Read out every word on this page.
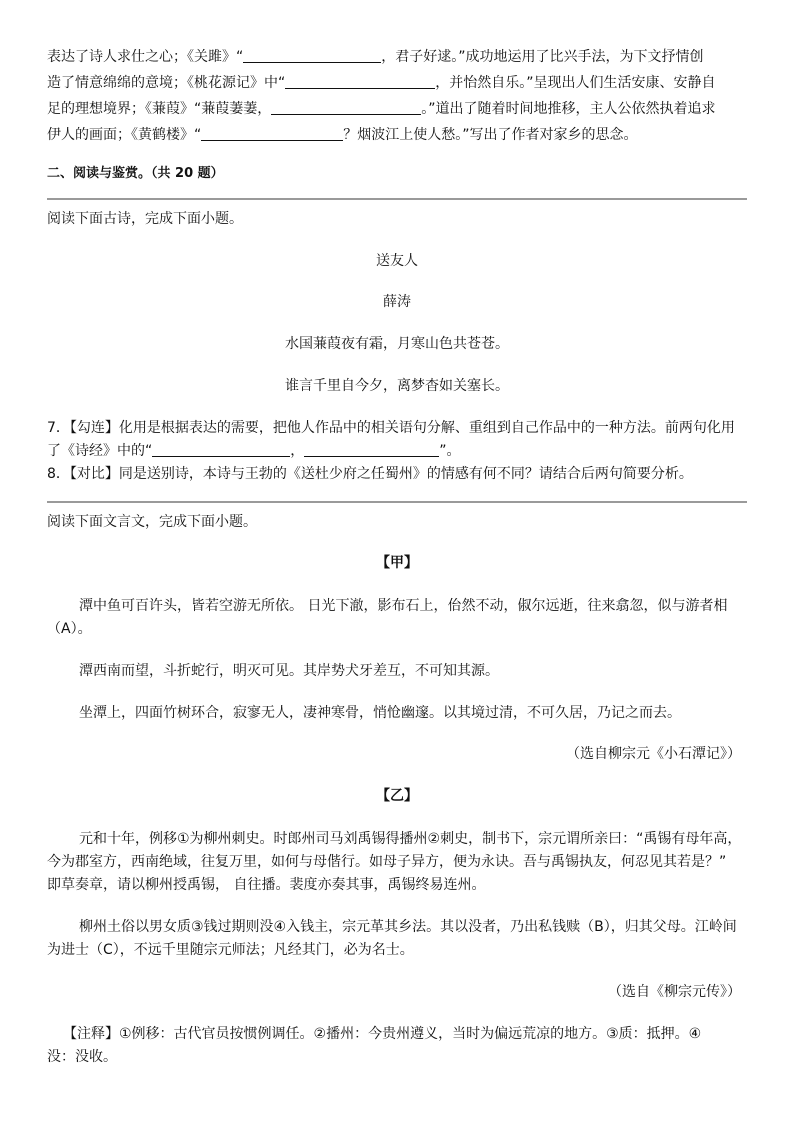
表达了诗人求仕之心；《关雎》“	，君子好逑。”成功地运用了比兴手法，为下文抒情创
造了情意绵绵的意境；《桃花源记》中“	，并怡然自乐。”呈现出人们生活安康、安静自
足的理想境界；《蒹葭》“蒹葭萋萋，	。”道出了随着时间地推移，主人公依然执着追求
伊人的画面；《黄鹤楼》“	？烟波江上使人愁。”写出了作者对家乡的思念。
二、阅读与鉴赏。（共 20 题）
阅读下面古诗，完成下面小题。
送友人
薛涛
水国蒹葭夜有霜，月寒山色共苍苍。
谁言千里自今夕，离梦杳如关塞长。
7．【勾连】化用是根据表达的需要，把他人作品中的相关语句分解、重组到自己作品中的一种方法。前两句化用
了《诗经》中的“	，	”。
8．【对比】同是送别诗，本诗与王勃的《送杜少府之任蜀州》的情感有何不同？请结合后两句简要分析。
阅读下面文言文，完成下面小题。
【甲】
潭中鱼可百许头，皆若空游无所依。 日光下澈，影布石上，佁然不动，俶尔远逝，往来翕忽，似与游者相
（A）。
潭西南而望，斗折蛇行，明灭可见。其岸势犬牙差互，不可知其源。
坐潭上，四面竹树环合，寂寥无人，凄神寒骨，悄怆幽邃。以其境过清，不可久居，乃记之而去。
（选自柳宗元《小石潭记》）
【乙】
元和十年，例移①为柳州刺史。时郎州司马刘禹锡得播州②刺史，制书下，宗元谓所亲曰：“禹锡有母年高，
今为郡室方，西南绝域，往复万里，如何与母偕行。如母子异方，便为永诀。吾与禹锡执友，何忍见其若是？”
即草奏章，请以柳州授禹锡， 自往播。裴度亦奏其事，禹锡终易连州。
柳州土俗以男女质③钱过期则没④入钱主，宗元革其乡法。其以没者，乃出私钱赎（B），归其父母。江岭间
为进士（C），不远千里随宗元师法；凡经其门，必为名士。
（选自《柳宗元传》）
【注释】①例移：古代官员按惯例调任。②播州：今贵州遵义，当时为偏远荒凉的地方。③质：抵押。④
没：没收。
